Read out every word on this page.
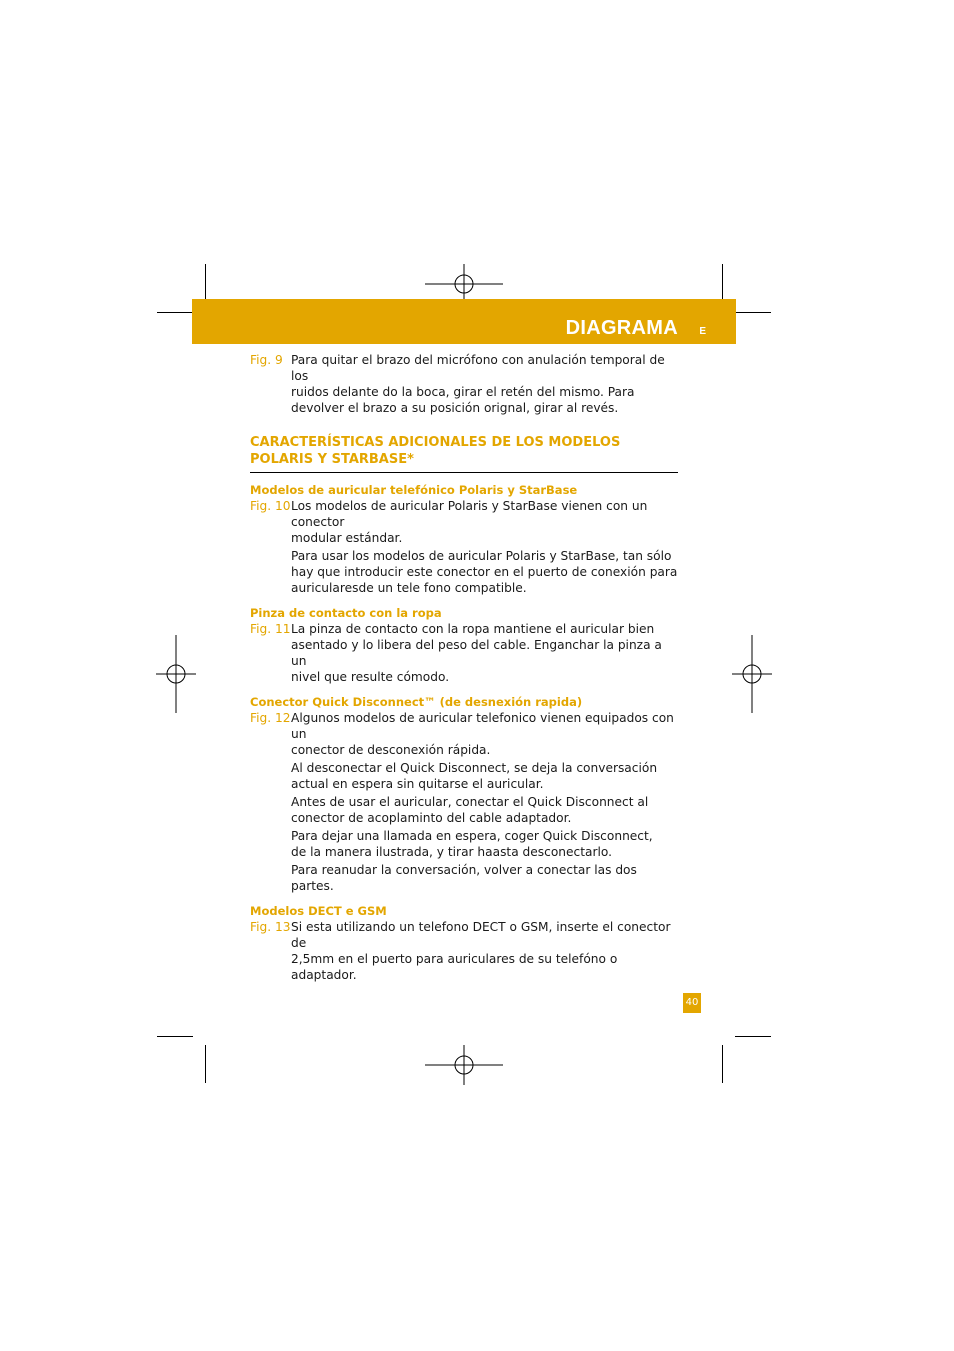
DIAGRAMA E
Fig. 9 Para quitar el brazo del micrófono con anulación temporal de los
ruidos delante do la boca, girar el retén del mismo. Para
devolver el brazo a su posición orignal, girar al revés.
CARACTERÍSTICAS ADICIONALES DE LOS MODELOS
POLARIS Y STARBASE*
Modelos de auricular telefónico Polaris y StarBase
Fig. 10 Los modelos de auricular Polaris y StarBase vienen con un conector
modular estándar.
Para usar los modelos de auricular Polaris y StarBase, tan sólo
hay que introducir este conector en el puerto de conexión para
auricularesde un tele fono compatible.
Pinza de contacto con la ropa
Fig. 11 La pinza de contacto con la ropa mantiene el auricular bien
asentado y lo libera del peso del cable. Enganchar la pinza a un
nivel que resulte cómodo.
Conector Quick Disconnect™ (de desnexión rapida)
Fig. 12 Algunos modelos de auricular telefonico vienen equipados con un
conector de desconexión rápida.
Al desconectar el Quick Disconnect, se deja la conversación
actual en espera sin quitarse el auricular.
Antes de usar el auricular, conectar el Quick Disconnect al
conector de acoplaminto del cable adaptador.
Para dejar una llamada en espera, coger Quick Disconnect,
de la manera ilustrada, y tirar haasta desconectarlo.
Para reanudar la conversación, volver a conectar las dos partes.
Modelos DECT e GSM
Fig. 13 Si esta utilizando un telefono DECT o GSM, inserte el conector de
2,5mm en el puerto para auriculares de su telefóno o adaptador.
40
